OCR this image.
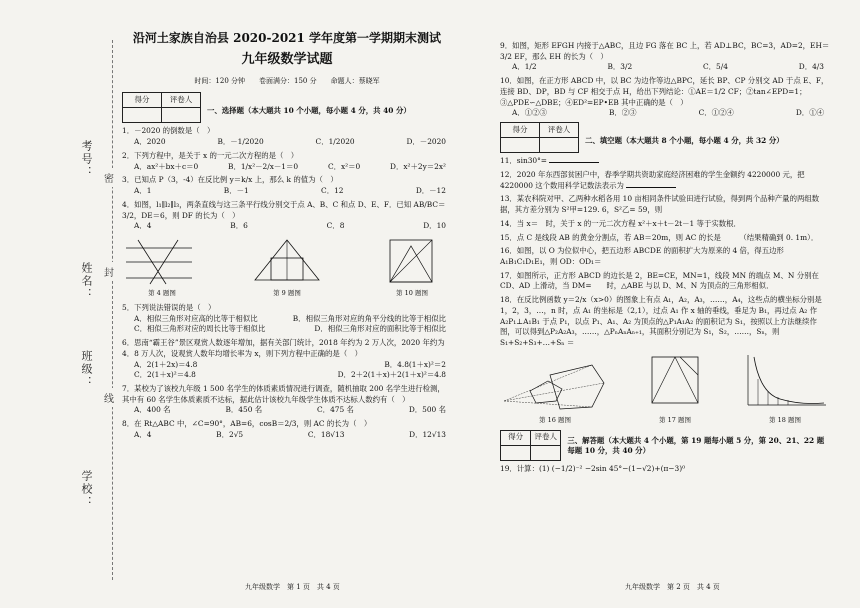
考号：
姓名：
班级：
学校：
密
封
线
沿河土家族自治县 2020-2021 学年度第一学期期末测试
九年级数学试题
时间：120 分钟　　卷面满分：150 分　　命题人：蔡晓军
得分	评卷人

一、选择题（本大题共 10 个小题，每小题 4 分，共 40 分）
1．－2020 的倒数是（　）
A．2020	B．－1/2020	C．1/2020	D．－2020
2．下列方程中，是关于 x 的一元二次方程的是（　）
A．ax²＋bx＋c＝0	B．1/x²－2/x－1＝0	C．x²＝0	D．x²＋2y＝2x²
3．已知点 P（3，-4）在反比例 y＝k/x 上，那么 k 的值为（　）
A．1	B．－1	C．12	D．－12
4．如图，l₁∥l₂∥l₃，两条直线与这三条平行线分别交于点 A、B、C 和点 D、E、F．已知 AB/BC＝3/2，DE＝6，则 DF 的长为（　）
A．4	B．6	C．8	D．10
第 4 题图	第 9 题图	第 10 题图
5．下列说法错误的是（　）
A．相似三角形对应高的比等于相似比	B．相似三角形对应的角平分线的比等于相似比
C．相似三角形对应的周长比等于相似比	D．相似三角形对应的面积比等于相似比
6．思南“霸王谷”景区观赏人数逐年增加，据有关部门统计，2018 年约为 2 万人次，2020 年约为 4．8 万人次，设观赏人数年均增长率为 x，则下列方程中正确的是（　）
A．2(1＋2x)＝4.8	B．4.8(1＋x)²＝2
C．2(1＋x)²＝4.8	D．2＋2(1＋x)＋2(1＋x)²＝4.8
7．某校为了该校九年级 1 500 名学生的体质素质情况进行调查，随机抽取 200 名学生进行检测，其中有 60 名学生体质素质不达标，据此估计该校九年级学生体质不达标人数约有（　）
A．400 名	B．450 名	C．475 名	D．500 名
8．在 Rt△ABC 中，∠C=90°，AB=6，cosB＝2/3，则 AC 的长为（　）
A．4	B．2√5	C．18√13	D．12√13
九年级数学　第 1 页　共 4 页
9．如图，矩形 EFGH 内接于△ABC，且边 FG 落在 BC 上，若 AD⊥BC，BC=3，AD=2，EH＝3/2 EF，那么 EH 的长为（　）
A．1/2	B．3/2	C．5/4	D．4/3
10．如图，在正方形 ABCD 中，以 BC 为边作等边△BPC，延长 BP、CP 分别交 AD 于点 E、F，连接 BD、DP，BD 与 CF 相交于点 H，给出下列结论：①AE＝1/2 CF；②tan∠EPD=1；③△PDE∽△DBE；④ED²=EP•EB 其中正确的是（　）
A．①②③	B．②③	C．①②④	D．①④
得分	评卷人

二、填空题（本大题共 8 个小题，每小题 4 分，共 32 分）
11．sin30°=
12．2020 年东西部贫困户中，春季学期共资助家庭经济困难的学生金额约 4220000 元，把 4220000 这个数用科学记数法表示为
13．某农科院对甲、乙两种水稻各用 10 亩相同条件试验田进行试验，得到两个品种产量的两组数据，其方差分别为 S²甲=129. 6，S²乙= 59，则
14．当 x＝　时，关于 x 的一元二次方程 x²＋x＋t－2t－1 等于实数根．
15．点 C 是线段 AB 的黄金分割点，若 AB＝20m，则 AC 的长是　　　（结果精确到 0. 1m）．
16．如图，以 O 为位似中心，把五边形 ABCDE 的面积扩大为原来的 4 倍，得五边形 A₁B₁C₁D₁E₁，则 OD：OD₁＝
17．如图所示，正方形 ABCD 的边长是 2，BE=CE，MN=1，线段 MN 的端点 M、N 分别在 CD、AD 上滑动，当 DM=　　时，△ABE 与以 D、M、N 为顶点的三角形相似．
18．在反比例函数 y＝2/x（x>0）的图象上有点 A₁，A₂，A₃，……，A₄，这些点的横坐标分别是 1，2，3，…，n 时，点 A₁ 的坐标是（2,1），过点 A₁ 作 x 轴的垂线，垂足为 B₁，再过点 A₂ 作 A₂P₁⊥A₁B₁ 于点 P₁，以点 P₁、A₁、A₂ 为顶点的△P₁A₁A₂ 的面积记为 S₁，按照以上方法继续作图，可以得到△P₂A₂A₃，……，△PₙAₙAₙ₊₁，其面积分别记为 S₁，S₂，……，Sₙ，则 S₁+S₂+S₃+…+Sₙ ＝
第 16 题图	第 17 题图	第 18 题图
得分	评卷人
	三、解答题（本大题共 4 个小题，第 19 题每小题 5 分，第 20、21、22 题每题 10 分，共 40 分）
19．计算：(1) (−1/2)⁻² −2sin 45°−(1−√2)+(π−3)⁰
九年级数学　第 2 页　共 4 页
